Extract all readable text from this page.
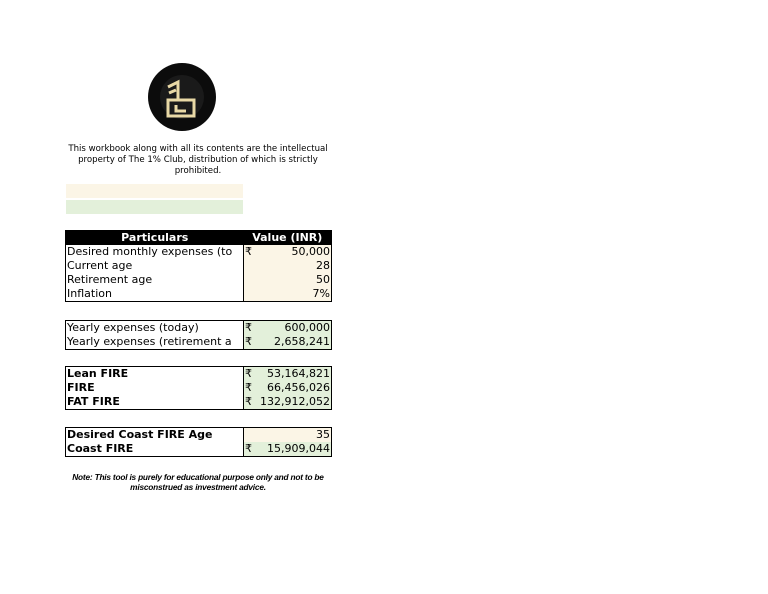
This workbook along with all its contents are the intellectual property of The 1% Club, distribution of which is strictly prohibited.
Particulars	Value (INR)
Desired monthly expenses (to	₹ 50,000

Current age	28

Retirement age	50

Inflation	7%
Yearly expenses (today)	₹ 600,000

Yearly expenses (retirement a	₹ 2,658,241
Lean FIRE	₹ 53,164,821

FIRE	₹ 66,456,026

FAT FIRE	₹ 132,912,052
Desired Coast FIRE Age	35

Coast FIRE	₹ 15,909,044
Note: This tool is purely for educational purpose only and not to be misconstrued as investment advice.
